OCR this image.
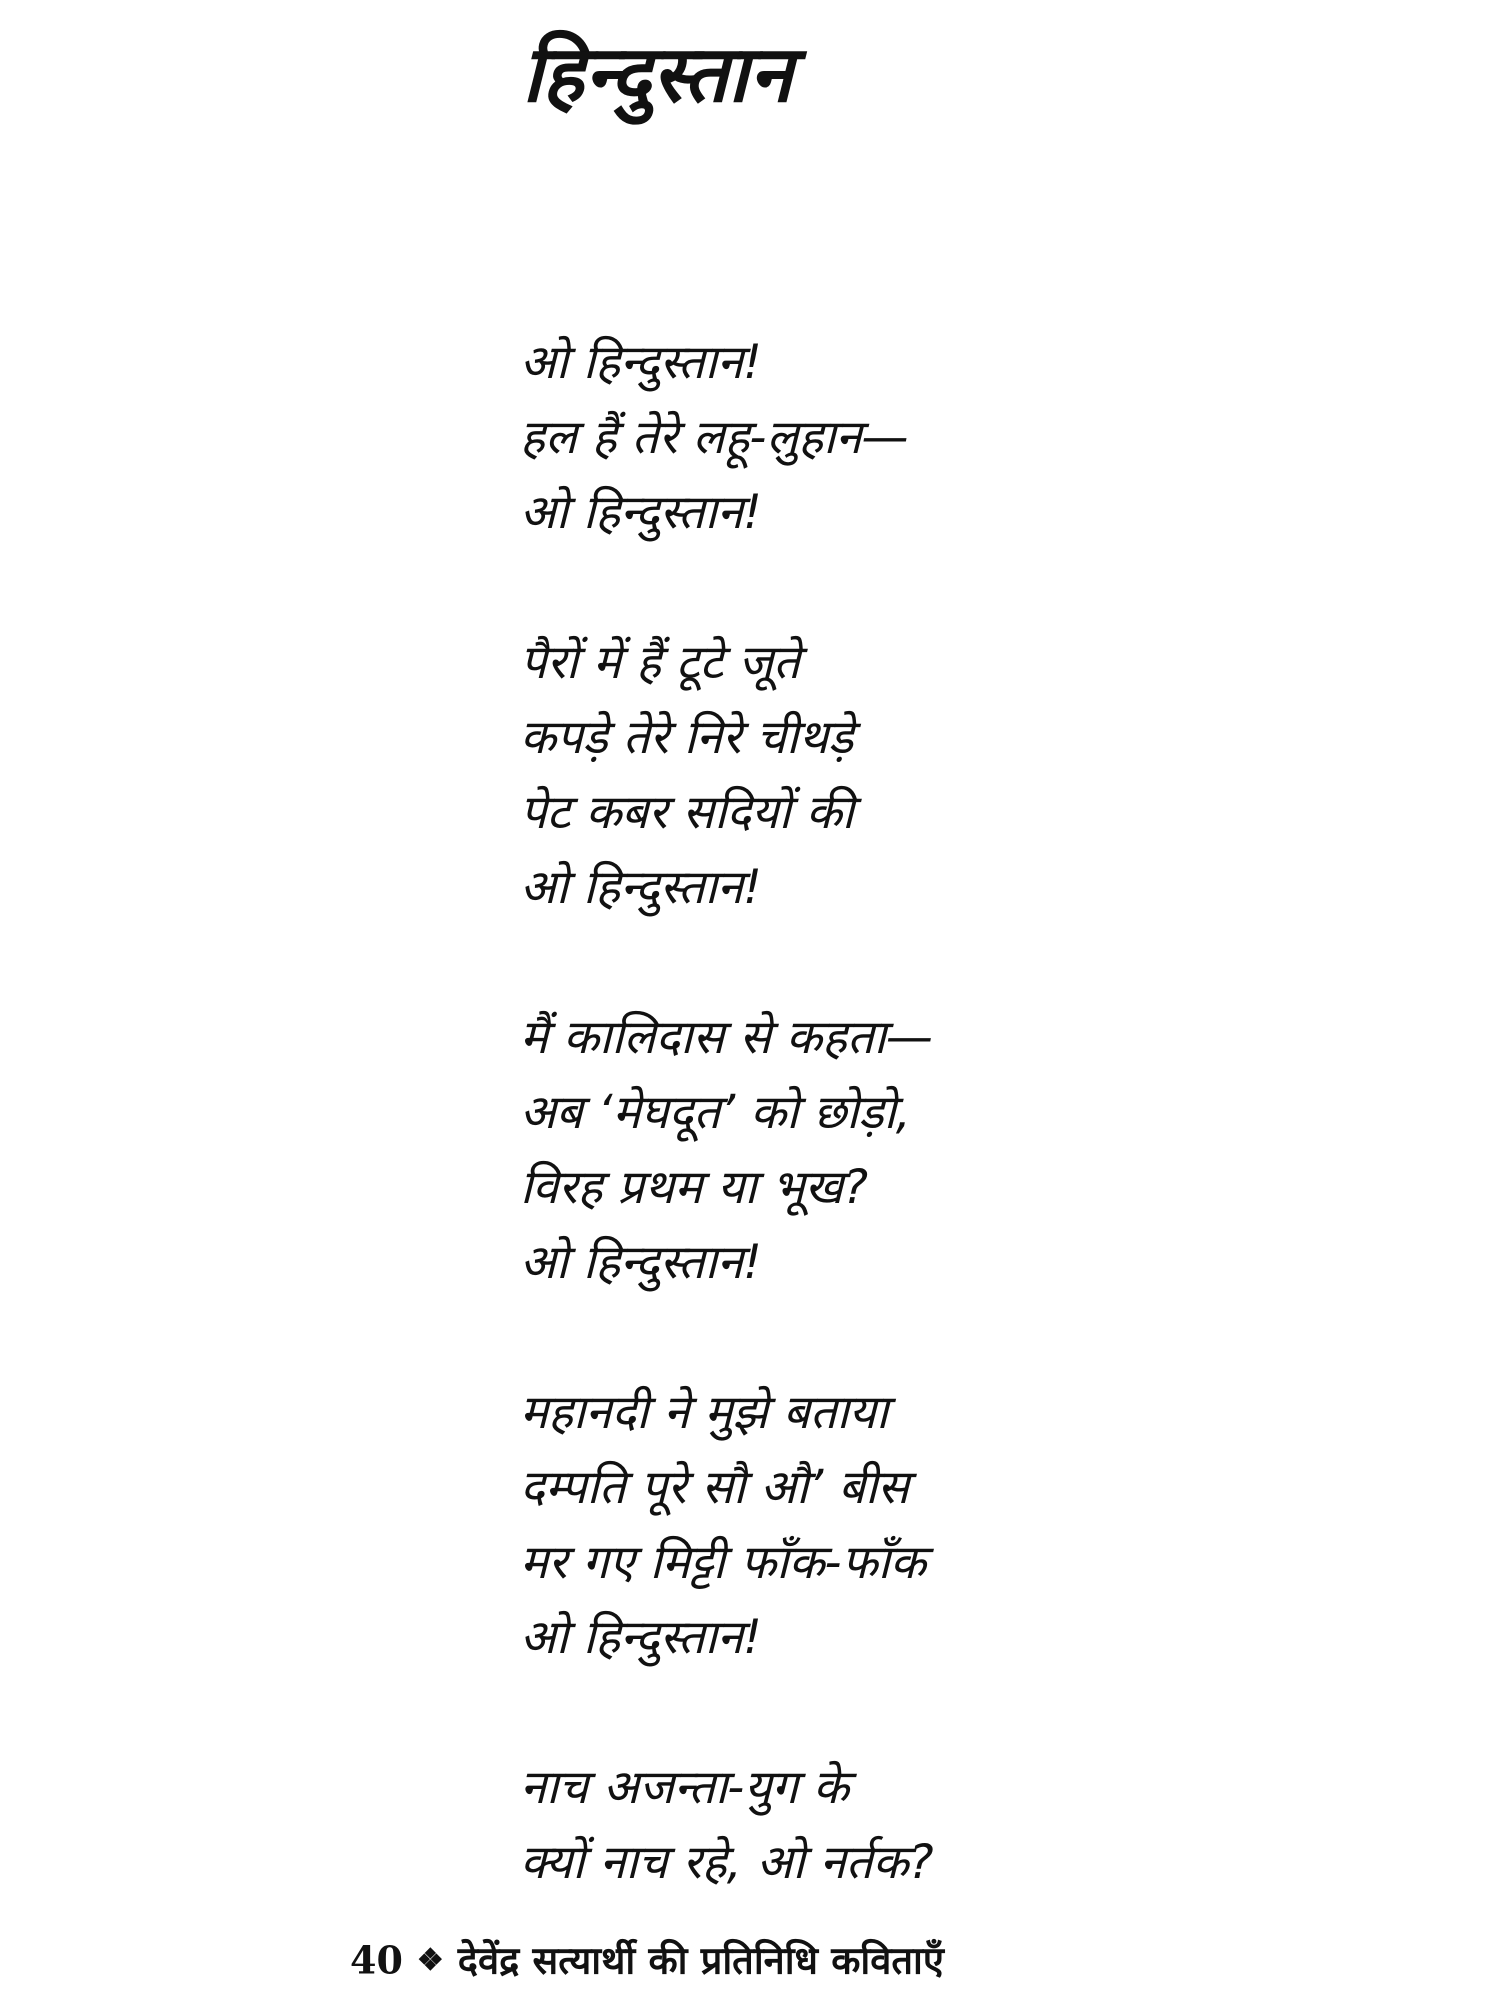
हिन्दुस्तान
ओ हिन्दुस्तान!
हल हैं तेरे लहू-लुहान—
ओ हिन्दुस्तान!
पैरों में हैं टूटे जूते
कपड़े तेरे निरे चीथड़े
पेट कबर सदियों की
ओ हिन्दुस्तान!
मैं कालिदास से कहता—
अब ‘मेघदूत’ को छोड़ो,
विरह प्रथम या भूख?
ओ हिन्दुस्तान!
महानदी ने मुझे बताया
दम्पति पूरे सौ औ’ बीस
मर गए मिट्टी फाँक-फाँक
ओ हिन्दुस्तान!
नाच अजन्ता-युग के
क्यों नाच रहे, ओ नर्तक?
40 ❖ देवेंद्र सत्यार्थी की प्रतिनिधि कविताएँ
